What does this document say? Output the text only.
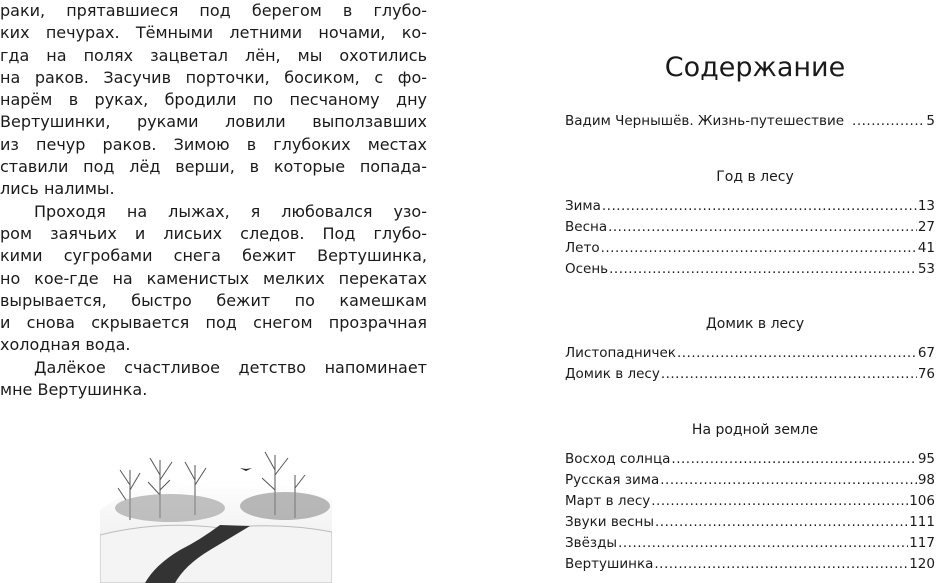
раки, прятавшиеся под берегом в глубо-
ких печурах. Тёмными летними ночами, ко-
гда на полях зацветал лён, мы охотились
на раков. Засучив порточки, босиком, с фо-
нарём в руках, бродили по песчаному дну
Вертушинки, руками ловили выползавших
из печур раков. Зимою в глубоких местах
ставили под лёд верши, в которые попада-
лись налимы.
Проходя на лыжах, я любовался узо-
ром заячьих и лисьих следов. Под глубо-
кими сугробами снега бежит Вертушинка,
но кое-где на каменистых мелких перекатах
вырывается, быстро бежит по камешкам
и снова скрывается под снегом прозрачная
холодная вода.
Далёкое счастливое детство напоминает
мне Вертушинка.
Содержание
Вадим Чернышёв. Жизнь-путешествие .....	5
Год в лесу
Зима .....	13
Весна .....	27
Лето .....	41
Осень .....	53
Домик в лесу
Листопадничек .....	67
Домик в лесу .....	76
На родной земле
Восход солнца .....	95
Русская зима .....	98
Март в лесу .....	106
Звуки весны .....	111
Звёзды .....	117
Вертушинка .....	120
